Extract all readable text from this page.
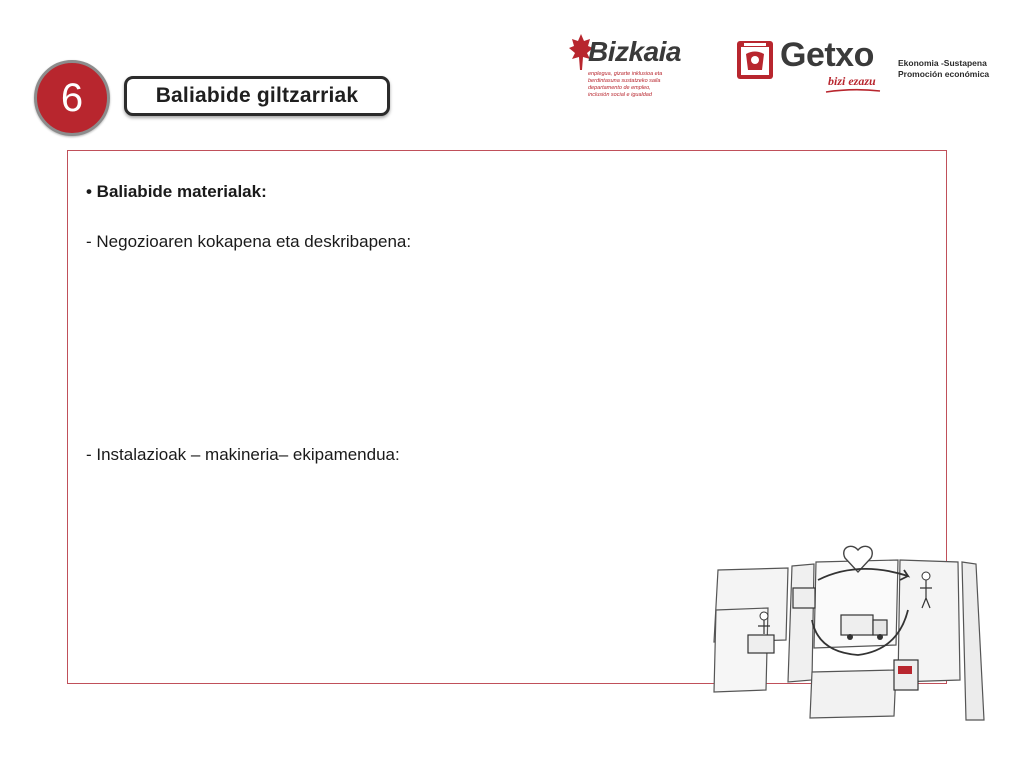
6	Baliabide giltzarriak
Bizkaia
enplegua, gizarte inklusioa eta
berdintasuna sustatzeko saila
departamento de empleo,
inclusión social e igualdad
Getxo
bizi ezazu
Ekonomia -Sustapena
Promoción económica
• Baliabide materialak:
- Negozioaren kokapena eta deskribapena:
- Instalazioak – makineria– ekipamendua:
